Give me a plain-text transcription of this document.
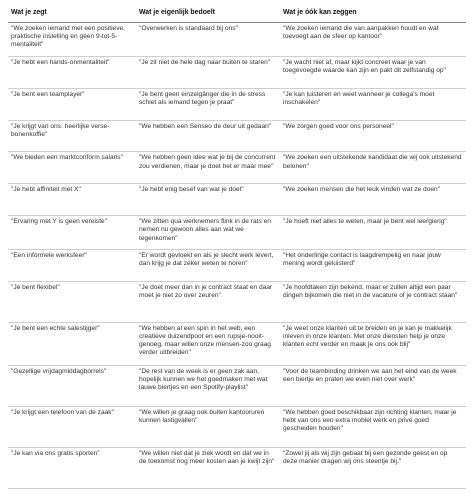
Wat je zegt	Wat je eigenlijk bedoelt	Wat je óók kan zeggen
"We zoeken iemand met een positieve, praktische instelling en geen 9-tot-5-mentaliteit"	"Overwerken is standaard bij ons"	"We zoeken iemand die van aanpakken houdt en wat toevoegt aan de sfeer op kantoor"
"Je hebt een hands-onmentaliteit"	"Je zit niet de hele dag naar buiten te staren"	"Je wacht niet af, maar kijkt concreet waar je van toegevoegde waarde kan zijn en pakt dit zelfstandig op"
"Je bent een teamplayer"	"Je bent geen einzelgänger die in de stress schiet als iemand tegen je praat"	"Je kan luisteren en weet wanneer je collega's moet inschakelen"
"Je krijgt van ons: heerlijke verse-bonenkoffie"	"We hebben een Senseo de deur uit gedaan"	"We zorgen goed voor ons personeel"
"We bieden een marktconform salaris"	"We hebben geen idee wat je bij de concurrent zou verdienen, maar je doet het er maar mee"	"We zoeken een uitstekende kandidaat die wij ook uitstekend belonen"
"Je hebt affiniteit met X"	"Je hebt enig besef van wat je doet"	"We zoeken mensen die het leuk vinden wat ze doen"
"Ervaring met Y is geen vereiste"	"We zitten qua werknemers flink in de rats en nemen nu gewoon alles aan wat we tegenkomen"	"Je hoeft niet alles te weten, maar je bent wel leergierig"
"Een informele werksfeer"	"Er wordt gevloekt en als je slecht werk levert, dan krijg je dat zéker weten te horen"	"Het onderlinge contact is laagdrempelig en naar jouw mening wordt geluisterd"
"Je bent flexibel"	"Je doet meer dan in je contract staat en daar moet je niet zo over zeuren"	"Je hoofdtaken zijn bekend, maar er zullen altijd een paar dingen bijkomen die niet in de vacature of je contract staan"
"Je bent een echte salestijger"	"We hebben al een spin in het web, een creatieve duizendpoot en een rupsje-nooit-genoeg, maar willen onze mensen-zoo graag verder uitbreiden"	"Je weet onze klanten uit te breiden en je kan je makkelijk inleven in onze klanten. Met onze diensten help je onze klanten echt verder en maak je ons ook blij"
"Gezellige vrijdagmiddagborrels"	"De rest van de week is er geen zak aan, hopelijk kunnen we het goedmaken met wat lauwe biertjes en een Spotify-playlist"	"Voor de teambinding drinken we aan het eind van de week een biertje en praten we even niet over werk"
"Je krijgt een telefoon van de zaak"	"We willen je graag ook buiten kantooruren kunnen lastigvallen"	"We hebben goed beschikbaar zijn richting klanten, maar je hebt van ons een extra mobiel werk en privé goed gescheiden houden"
"Je kan via ons gratis sporten"	"We willen niet dat je ziek wordt en dat we in de toekomst nog meer kosten aan je kwijt zijn"	"Zowel jij als wij zijn gebaat bij een gezonde geest en op deze manier dragen wij ons steentje bij."
